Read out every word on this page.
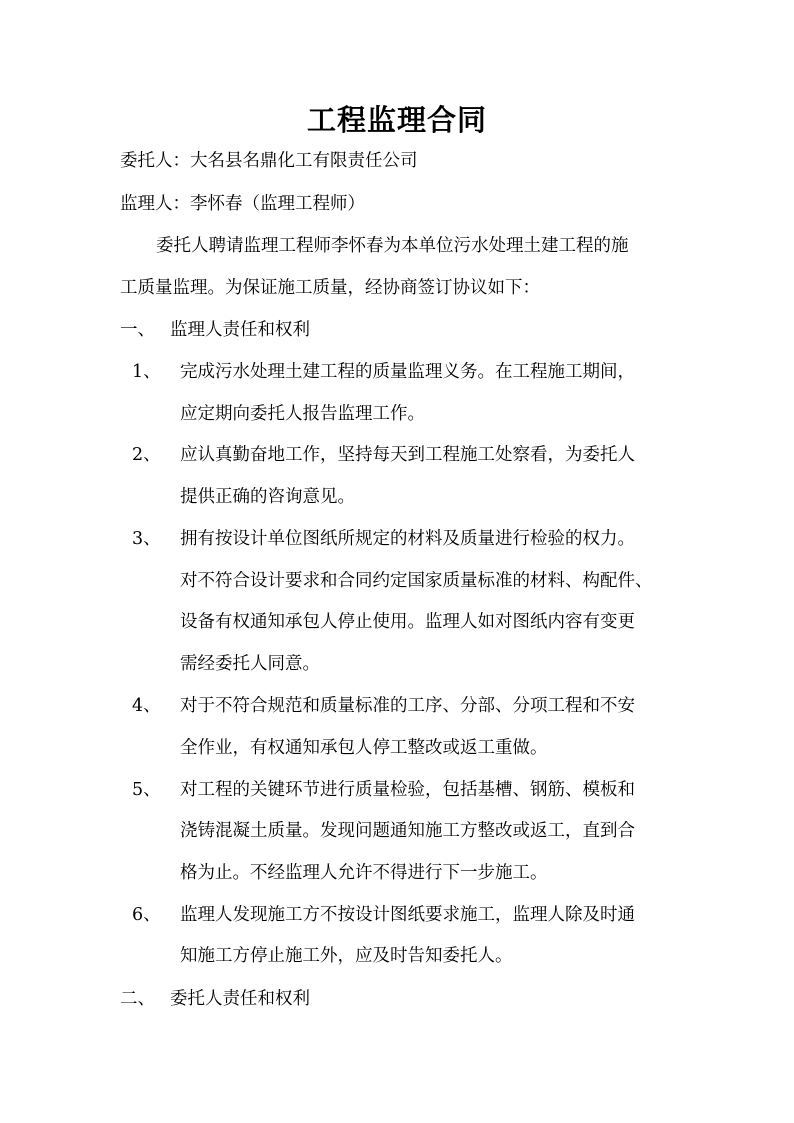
工程监理合同
委托人：大名县名鼎化工有限责任公司
监理人：李怀春（监理工程师）
委托人聘请监理工程师李怀春为本单位污水处理土建工程的施
工质量监理。为保证施工质量，经协商签订协议如下：
一、 监理人责任和权利
1、 完成污水处理土建工程的质量监理义务。在工程施工期间，
应定期向委托人报告监理工作。
2、 应认真勤奋地工作，坚持每天到工程施工处察看，为委托人
提供正确的咨询意见。
3、 拥有按设计单位图纸所规定的材料及质量进行检验的权力。
对不符合设计要求和合同约定国家质量标准的材料、构配件、
设备有权通知承包人停止使用。监理人如对图纸内容有变更
需经委托人同意。
4、 对于不符合规范和质量标准的工序、分部、分项工程和不安
全作业，有权通知承包人停工整改或返工重做。
5、 对工程的关键环节进行质量检验，包括基槽、钢筋、模板和
浇铸混凝土质量。发现问题通知施工方整改或返工，直到合
格为止。不经监理人允许不得进行下一步施工。
6、 监理人发现施工方不按设计图纸要求施工，监理人除及时通
知施工方停止施工外，应及时告知委托人。
二、 委托人责任和权利
